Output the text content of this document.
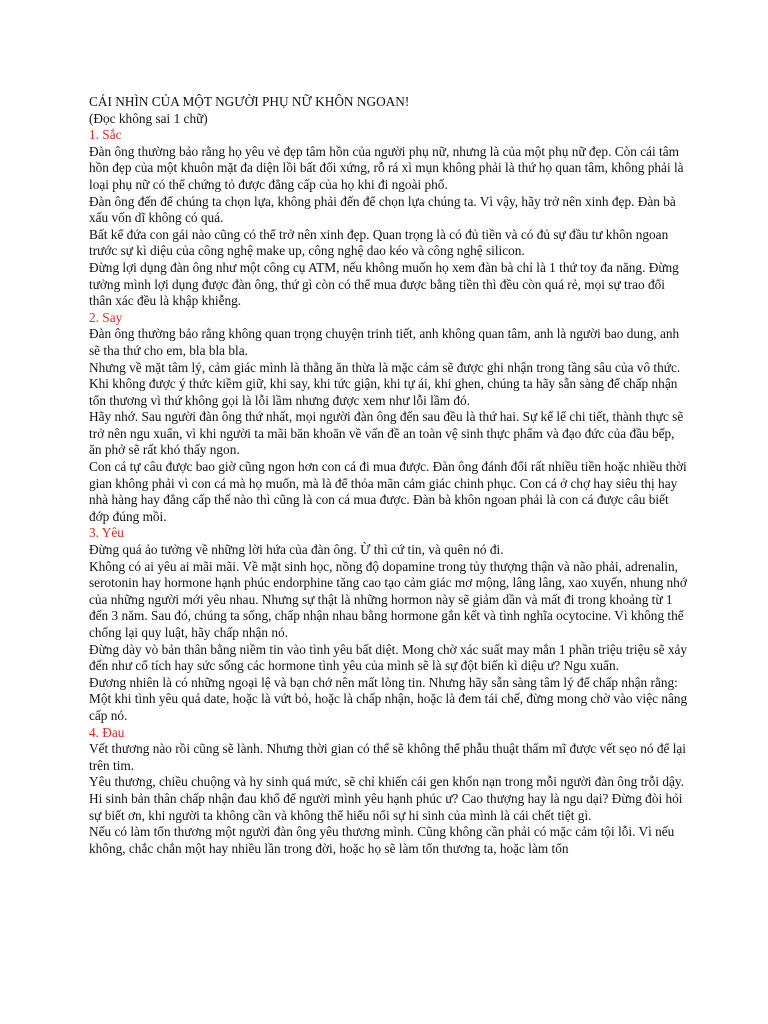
CÁI NHÌN CỦA MỘT NGƯỜI PHỤ NỮ KHÔN NGOAN!

(Đọc không sai 1 chữ)

1. Sắc

Đàn ông thường bảo rằng họ yêu vẻ đẹp tâm hồn của người phụ nữ, nhưng là của một phụ nữ đẹp. Còn cái tâm hồn đẹp của một khuôn mặt đa diện lồi bất đối xứng, rỗ rá xì mụn không phải là thứ họ quan tâm, không phải là loại phụ nữ có thể chứng tỏ được đẳng cấp của họ khi đi ngoài phố.

Đàn ông đến để chúng ta chọn lựa, không phải đến để chọn lựa chúng ta. Vì vậy, hãy trở nên xinh đẹp. Đàn bà xấu vốn dĩ không có quá.

Bất kể đứa con gái nào cũng có thể trở nên xinh đẹp. Quan trọng là có đủ tiền và có đủ sự đầu tư khôn ngoan trước sự kì diệu của công nghệ make up, công nghệ dao kéo và công nghệ silicon.

Đừng lợi dụng đàn ông như một công cụ ATM, nếu không muốn họ xem đàn bà chỉ là 1 thứ toy đa năng. Đừng tưởng mình lợi dụng được đàn ông, thứ gì còn có thể mua được bằng tiền thì đều còn quá rẻ, mọi sự trao đổi thân xác đều là khập khiễng.

2. Say

Đàn ông thường bảo rằng không quan trọng chuyện trinh tiết, anh không quan tâm, anh là người bao dung, anh sẽ tha thứ cho em, bla bla bla.

Nhưng về mặt tâm lý, cảm giác mình là thằng ăn thừa là mặc cảm sẽ được ghi nhận trong tầng sâu của vô thức. Khi không được ý thức kiềm giữ, khi say, khi tức giận, khi tự ái, khi ghen, chúng ta hãy sẵn sàng để chấp nhận tổn thương vì thứ không gọi là lỗi lầm nhưng được xem như lỗi lầm đó.

Hãy nhớ. Sau người đàn ông thứ nhất, mọi người đàn ông đến sau đều là thứ hai. Sự kể lể chi tiết, thành thực sẽ trở nên ngu xuẩn, vì khi người ta mãi băn khoăn về vấn đề an toàn vệ sinh thực phẩm và đạo đức của đầu bếp, ăn phở sẽ rất khó thấy ngon.

Con cá tự câu được bao giờ cũng ngon hơn con cá đi mua được. Đàn ông đánh đổi rất nhiều tiền hoặc nhiều thời gian không phải vì con cá mà họ muốn, mà là để thỏa mãn cảm giác chinh phục. Con cá ở chợ hay siêu thị hay nhà hàng hay đẳng cấp thế nào thì cũng là con cá mua được. Đàn bà khôn ngoan phải là con cá được câu biết đớp đúng mồi.

3. Yêu

Đừng quá ảo tưởng về những lời hứa của đàn ông. Ừ thì cứ tin, và quên nó đi.

Không có ai yêu ai mãi mãi. Về mặt sinh học, nồng độ dopamine trong tủy thượng thận và não phải, adrenalin, serotonin hay hormone hạnh phúc endorphine tăng cao tạo cảm giác mơ mộng, lâng lâng, xao xuyến, nhung nhớ của những người mới yêu nhau. Nhưng sự thật là những hormon này sẽ giảm dần và mất đi trong khoảng từ 1 đến 3 năm. Sau đó, chúng ta sống, chấp nhận nhau bằng hormone gắn kết và tình nghĩa ocytocine. Vì không thể chống lại quy luật, hãy chấp nhận nó.

Đừng dày vò bản thân bằng niềm tin vào tình yêu bất diệt. Mong chờ xác suất may mắn 1 phần triệu triệu sẽ xảy đến như cổ tích hay sức sống các hormone tình yêu của mình sẽ là sự đột biến kì diệu ư? Ngu xuẩn.

Đương nhiên là có những ngoại lệ và bạn chớ nên mất lòng tin. Nhưng hãy sẵn sàng tâm lý để chấp nhận rằng: Một khi tình yêu quá date, hoặc là vứt bỏ, hoặc là chấp nhận, hoặc là đem tái chế, đừng mong chờ vào việc nâng cấp nó.

4. Đau

Vết thương nào rồi cũng sẽ lành. Nhưng thời gian có thể sẽ không thể phẫu thuật thẩm mĩ được vết sẹo nó để lại trên tim.

Yêu thương, chiều chuộng và hy sinh quá mức, sẽ chỉ khiến cái gen khốn nạn trong mỗi người đàn ông trỗi dậy. Hi sinh bản thân chấp nhận đau khổ để người mình yêu hạnh phúc ư? Cao thượng hay là ngu dại? Đừng đòi hỏi sự biết ơn, khi người ta không cần và không thể hiểu nổi sự hi sinh của mình là cái chết tiệt gì.

Nếu có làm tổn thương một người đàn ông yêu thương mình. Cũng không cần phải có mặc cảm tội lỗi. Vì nếu không, chắc chắn một hay nhiều lần trong đời, hoặc họ sẽ làm tổn thương ta, hoặc làm tổn
